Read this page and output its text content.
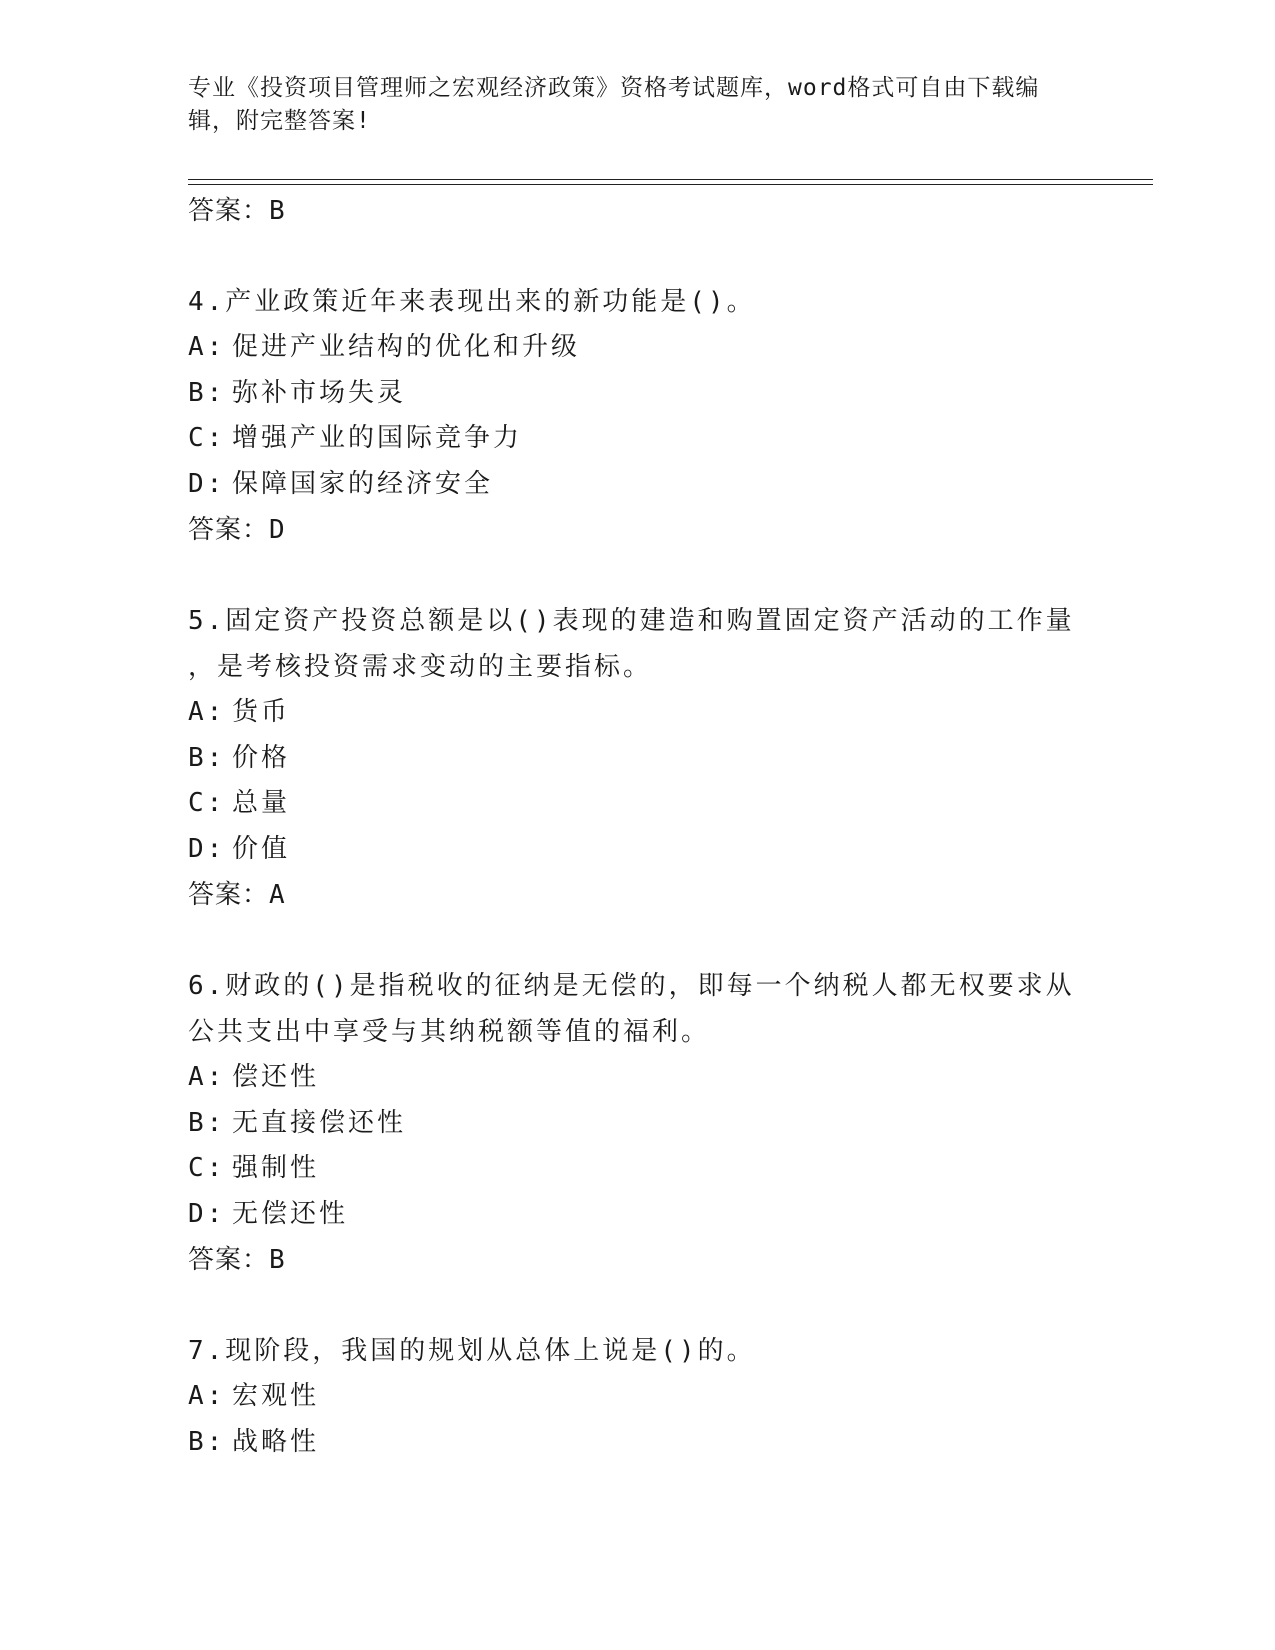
专业《投资项目管理师之宏观经济政策》资格考试题库，word格式可自由下载编辑，附完整答案!
答案：B
4.产业政策近年来表现出来的新功能是()。
A: 促进产业结构的优化和升级
B: 弥补市场失灵
C: 增强产业的国际竞争力
D: 保障国家的经济安全
答案：D
5.固定资产投资总额是以()表现的建造和购置固定资产活动的工作量
，是考核投资需求变动的主要指标。
A: 货币
B: 价格
C: 总量
D: 价值
答案：A
6.财政的()是指税收的征纳是无偿的，即每一个纳税人都无权要求从
公共支出中享受与其纳税额等值的福利。
A: 偿还性
B: 无直接偿还性
C: 强制性
D: 无偿还性
答案：B
7.现阶段，我国的规划从总体上说是()的。
A: 宏观性
B: 战略性
